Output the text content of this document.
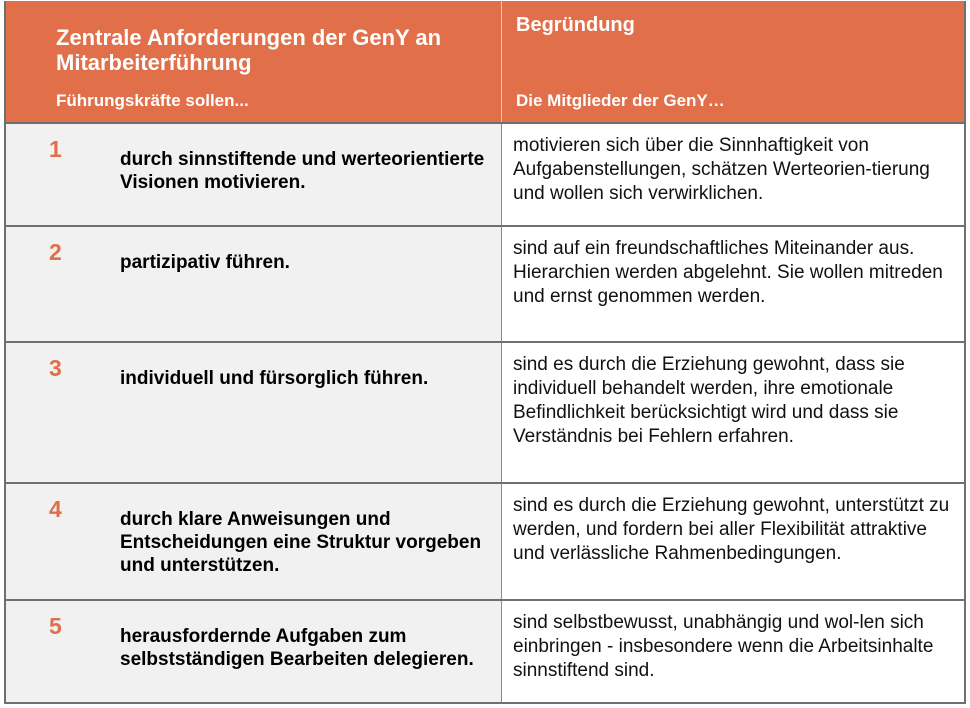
Zentrale Anforderungen der GenY an Mitarbeiterführung
Führungskräfte sollen...
Begründung
Die Mitglieder der GenY…
1	durch sinnstiftende und werteorientierte Visionen motivieren.
motivieren sich über die Sinnhaftigkeit von Aufgabenstellungen, schätzen Werteorien-tierung und wollen sich verwirklichen.
2	partizipativ führen.
sind auf ein freundschaftliches Miteinander aus. Hierarchien werden abgelehnt. Sie wollen mitreden und ernst genommen werden.
3	individuell und fürsorglich führen.
sind es durch die Erziehung gewohnt, dass sie individuell behandelt werden, ihre emotionale Befindlichkeit berücksichtigt wird und dass sie Verständnis bei Fehlern erfahren.
4	durch klare Anweisungen und Entscheidungen eine Struktur vorgeben und unterstützen.
sind es durch die Erziehung gewohnt, unterstützt zu werden, und fordern bei aller Flexibilität attraktive und verlässliche Rahmenbedingungen.
5	herausfordernde Aufgaben zum selbstständigen Bearbeiten delegieren.
sind selbstbewusst, unabhängig und wol-len sich einbringen - insbesondere wenn die Arbeitsinhalte sinnstiftend sind.
